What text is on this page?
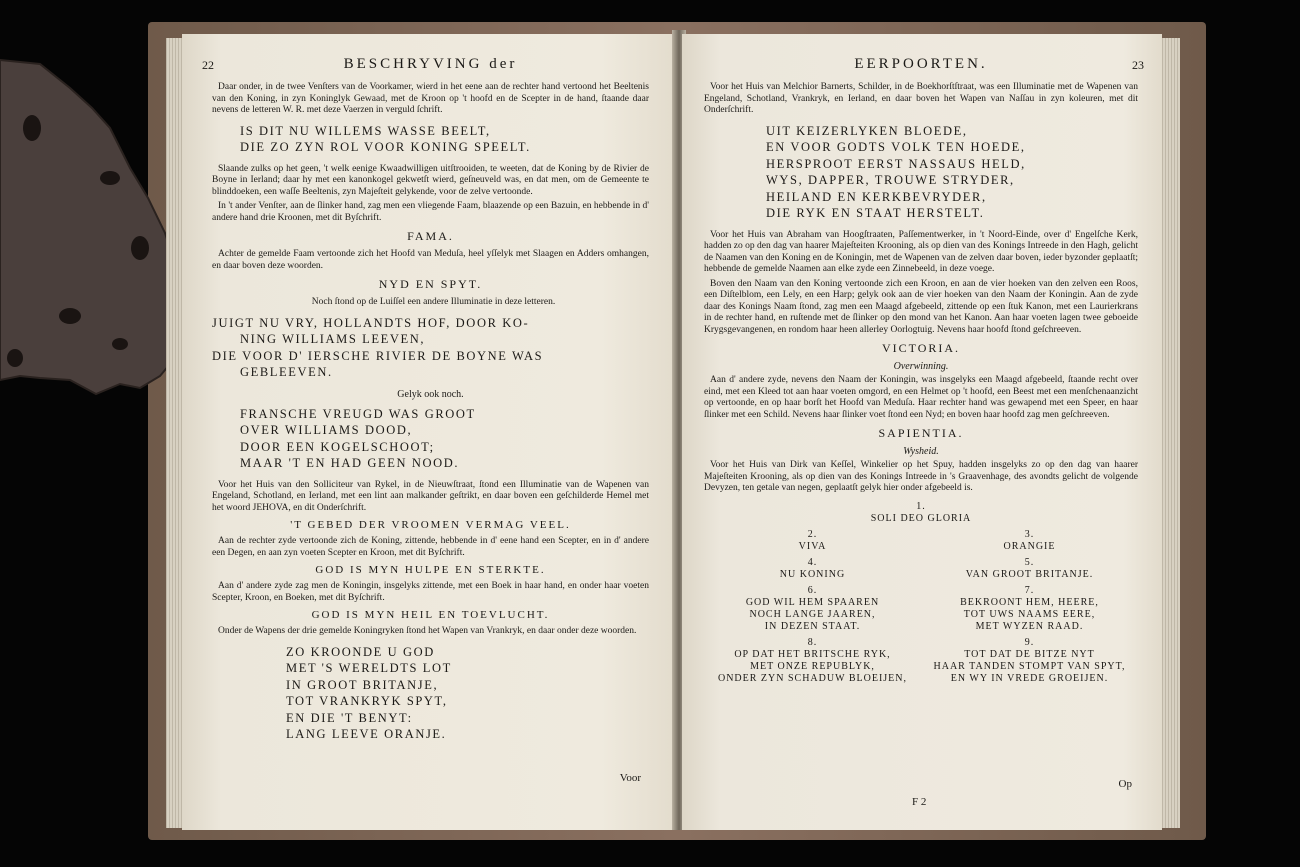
22	BESCHRYVING der

Daar onder, in de twee Venſters van de Voorkamer, wierd in het eene aan de rechter hand vertoond het Beeltenis van den Koning, in zyn Koninglyk Gewaad, met de Kroon op 't hoofd en de Scepter in de hand, ſtaande daar nevens de letteren W. R. met deze Vaerzen in verguld ſchrift.

IS DIT NU WILLEMS WASSE BEELT,
DIE ZO ZYN ROL VOOR KONING SPEELT.

Slaande zulks op het geen, 't welk eenige Kwaadwilligen uitſtrooiden, te weeten, dat de Koning by de Rivier de Boyne in Ierland; daar hy met een kanonkogel gekwetſt wierd, geſneuveld was, en dat men, om de Gemeente te blinddoeken, een waſſe Beeltenis, zyn Majeſteit gelykende, voor de zelve vertoonde.

In 't ander Venſter, aan de ſlinker hand, zag men een vliegende Faam, blaazende op een Bazuin, en hebbende in d' andere hand drie Kroonen, met dit Byſchrift.

FAMA.

Achter de gemelde Faam vertoonde zich het Hoofd van Meduſa, heel yſſelyk met Slaagen en Adders omhangen, en daar boven deze woorden.

NYD EN SPYT.

Noch ſtond op de Luiſſel een andere Illuminatie in deze letteren.

JUIGT NU VRY, HOLLANDTS HOF, DOOR KO-
NING WILLIAMS LEEVEN,
DIE VOOR D' IERSCHE RIVIER DE BOYNE WAS
GEBLEEVEN.
Gelyk ook noch.
FRANSCHE VREUGD WAS GROOT
OVER WILLIAMS DOOD,
DOOR EEN KOGELSCHOOT;
MAAR 'T EN HAD GEEN NOOD.

Voor het Huis van den Sollicitеur van Rykel, in de Nieuwſtraat, ſtond een Illuminatie van de Wapenen van Engeland, Schotland, en Ierland, met een lint aan malkander geſtrikt, en daar boven een geſchilderde Hemel met het woord JEHOVA, en dit Onderſchrift.

'T GEBED DER VROOMEN VERMAG VEEL.

Aan de rechter zyde vertoonde zich de Koning, zittende, hebbende in d' eene hand een Scepter, en in d' andere een Degen, en aan zyn voeten Scepter en Kroon, met dit Byſchrift.

GOD IS MYN HULPE EN STERKTE.

Aan d' andere zyde zag men de Koningin, insgelyks zittende, met een Boek in haar hand, en onder haar voeten Scepter, Kroon, en Boeken, met dit Byſchrift.

GOD IS MYN HEIL EN TOEVLUCHT.

Onder de Wapens der drie gemelde Koningryken ſtond het Wapen van Vrankryk, en daar onder deze woorden.

ZO KROONDE U GOD
MET 'S WERELDTS LOT
IN GROOT BRITANJE,
TOT VRANKRYK SPYT,
EN DIE 'T BENYT:
LANG LEEVE ORANJE.
Voor
EERPOORTEN.	23

Voor het Huis van Melchior Barnerts, Schilder, in de Boekhorſtſtraat, was een Illuminatie met de Wapenen van Engeland, Schotland, Vrankryk, en Ierland, en daar boven het Wapen van Naſſau in zyn koleuren, met dit Onderſchrift.

UIT KEIZERLYKEN BLOEDE,
EN VOOR GODTS VOLK TEN HOEDE,
HERSPROOT EERST NASSAUS HELD,
WYS, DAPPER, TROUWE STRYDER,
HEILAND EN KERKBEVRYDER,
DIE RYK EN STAAT HERSTELT.

Voor het Huis van Abraham van Hoogſtraaten, Paſſementwerker, in 't Noord-Einde, over d' Engelſche Kerk, hadden zo op den dag van haarer Majeſteiten Krooning, als op dien van des Konings Intreede in den Hagh, gelicht de Naamen van den Koning en de Koningin, met de Wapenen van de zelven daar boven, ieder byzonder geplaatſt; hebbende de gemelde Naamen aan elke zyde een Zinnebeeld, in deze voege.

Boven den Naam van den Koning vertoonde zich een Kroon, en aan de vier hoeken van den zelven een Roos, een Diſtelblom, een Lely, en een Harp; gelyk ook aan de vier hoeken van den Naam der Koningin. Aan de zyde daar des Konings Naam ſtond, zag men een Maagd afgebeeld, zittende op een ſtuk Kanon, met een Laurierkrans in de rechter hand, en ruſtende met de ſlinker op den mond van het Kanon. Aan haar voeten lagen twee geboeide Krygsgevangenen, en rondom haar heen allerley Oorlogtuig. Nevens haar hoofd ſtond geſchreeven.

VICTORIA.
Overwinning.

Aan d' andere zyde, nevens den Naam der Koningin, was insgelyks een Maagd afgebeeld, ſtaande recht over eind, met een Kleed tot aan haar voeten omgord, en een Helmet op 't hoofd, een Beest met een menſchenaanzicht op vertoonde, en op haar borſt het Hoofd van Meduſa. Haar rechter hand was gewapend met een Speer, en haar ſlinker met een Schild. Nevens haar ſlinker voet ſtond een Nyd; en boven haar hoofd zag men geſchreeven.

SAPIENTIA.
Wysheid.

Voor het Huis van Dirk van Keſſel, Winkelier op het Spuy, hadden insgelyks zo op den dag van haarer Majeſteiten Krooning, als op dien van des Konings Intreede in 's Graavenhage, des avondts gelicht de volgende Devyzen, ten getale van negen, geplaatſt gelyk hier onder afgebeeld is.

1.
SOLI DEO GLORIA
2.
VIVA
3.
ORANGIE
4.
NU KONING
5.
VAN GROOT BRITANJE.
6.
GOD WIL HEM SPAAREN
NOCH LANGE JAAREN,
IN DEZEN STAAT.
7.
BEKROONT HEM, HEERE,
TOT UWS NAAMS EERE,
MET WYZEN RAAD.
8.
OP DAT HET BRITSCHE RYK,
MET ONZE REPUBLYK,
ONDER ZYN SCHADUW BLOEIJEN,
9.
TOT DAT DE BITZE NYT
HAAR TANDEN STOMPT VAN SPYT,
EN WY IN VREDE GROEIJEN.
F 2
Op
